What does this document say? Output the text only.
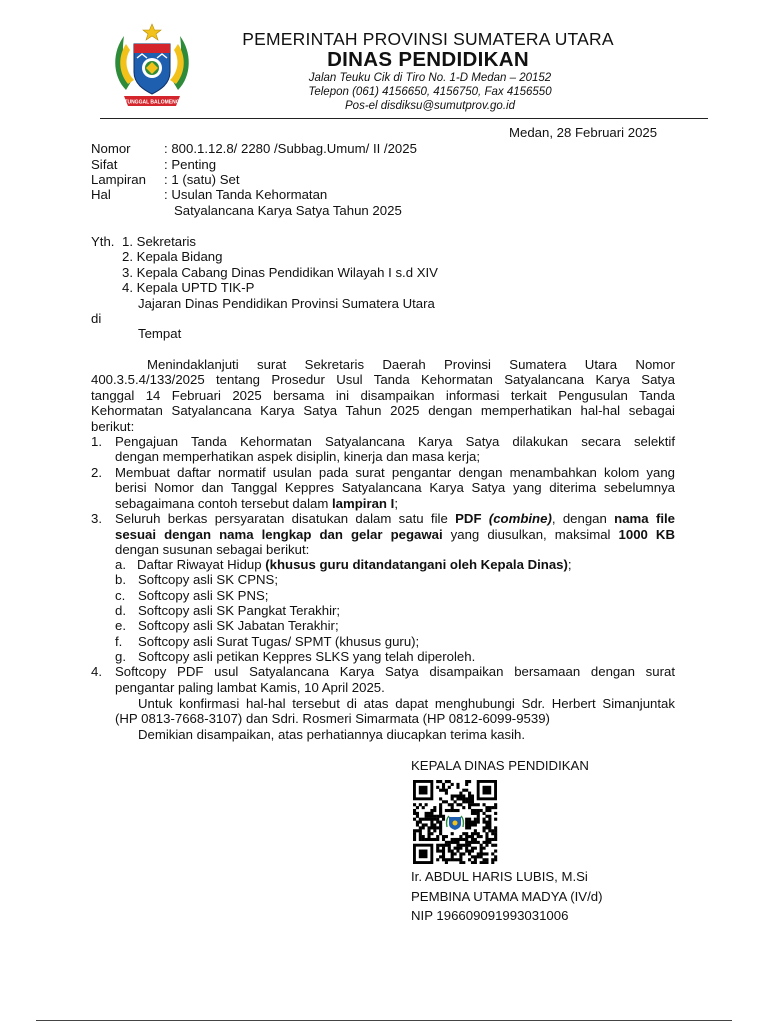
TUNGGAL BALOMENG
PEMERINTAH PROVINSI SUMATERA UTARA
DINAS PENDIDIKAN
Jalan Teuku Cik di Tiro No. 1-D Medan – 20152
Telepon (061) 4156650, 4156750, Fax 4156550
Pos-el disdiksu@sumutprov.go.id
Medan, 28 Februari 2025
Nomor	: 800.1.12.8/ 2280 /Subbag.Umum/ II /2025
Sifat	: Penting
Lampiran : 1 (satu) Set
Hal	: Usulan Tanda Kehormatan
Satyalancana Karya Satya Tahun 2025
Yth. 1. Sekretaris
2. Kepala Bidang
3. Kepala Cabang Dinas Pendidikan Wilayah I s.d XIV
4. Kepala UPTD TIK-P
Jajaran Dinas Pendidikan Provinsi Sumatera Utara
di
Tempat
Menindaklanjuti surat Sekretaris Daerah Provinsi Sumatera Utara Nomor
400.3.5.4/133/2025 tentang Prosedur Usul Tanda Kehormatan Satyalancana Karya Satya
tanggal 14 Februari 2025 bersama ini disampaikan informasi terkait Pengusulan Tanda
Kehormatan Satyalancana Karya Satya Tahun 2025 dengan memperhatikan hal-hal sebagai
berikut:
1. Pengajuan Tanda Kehormatan Satyalancana Karya Satya dilakukan secara selektif
dengan memperhatikan aspek disiplin, kinerja dan masa kerja;
2. Membuat daftar normatif usulan pada surat pengantar dengan menambahkan kolom yang
berisi Nomor dan Tanggal Keppres Satyalancana Karya Satya yang diterima sebelumnya
sebagaimana contoh tersebut dalam lampiran I;
3. Seluruh berkas persyaratan disatukan dalam satu file PDF (combine), dengan nama file
sesuai dengan nama lengkap dan gelar pegawai yang diusulkan, maksimal 1000 KB
dengan susunan sebagai berikut:
a. Daftar Riwayat Hidup (khusus guru ditandatangani oleh Kepala Dinas);
b. Softcopy asli SK CPNS;
c. Softcopy asli SK PNS;
d. Softcopy asli SK Pangkat Terakhir;
e. Softcopy asli SK Jabatan Terakhir;
f. Softcopy asli Surat Tugas/ SPMT (khusus guru);
g. Softcopy asli petikan Keppres SLKS yang telah diperoleh.
4. Softcopy PDF usul Satyalancana Karya Satya disampaikan bersamaan dengan surat
pengantar paling lambat Kamis, 10 April 2025.
Untuk konfirmasi hal-hal tersebut di atas dapat menghubungi Sdr. Herbert Simanjuntak
(HP 0813-7668-3107) dan Sdri. Rosmeri Simarmata (HP 0812-6099-9539)
Demikian disampaikan, atas perhatiannya diucapkan terima kasih.
KEPALA DINAS PENDIDIKAN
Ir. ABDUL HARIS LUBIS, M.Si
PEMBINA UTAMA MADYA (IV/d)
NIP 196609091993031006
